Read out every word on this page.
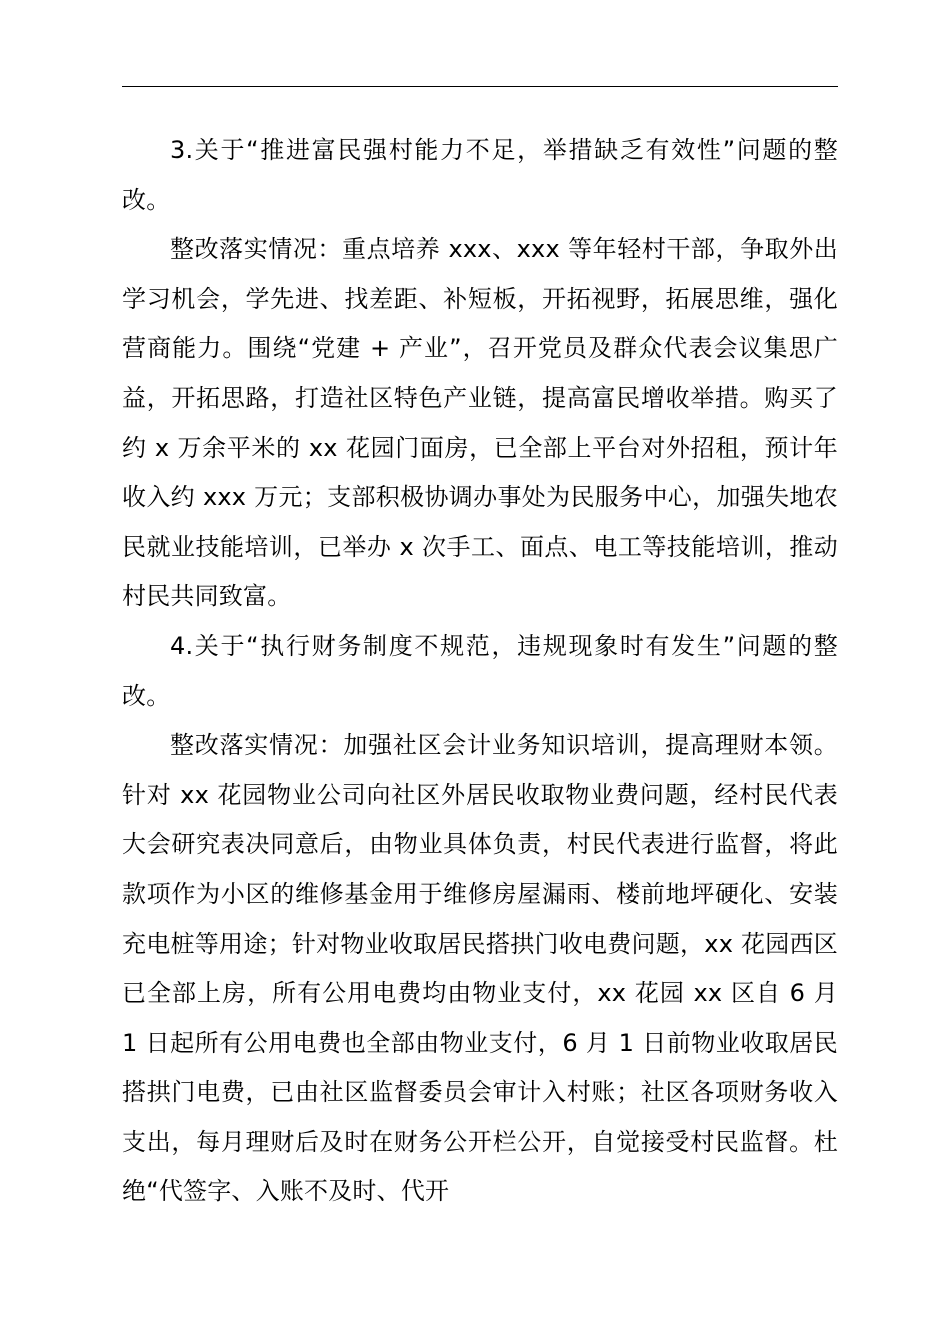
3.关于“推进富民强村能力不足，举措缺乏有效性”问题的整改。

整改落实情况：重点培养 xxx、xxx 等年轻村干部，争取外出学习机会，学先进、找差距、补短板，开拓视野，拓展思维，强化营商能力。围绕“党建 + 产业”，召开党员及群众代表会议集思广益，开拓思路，打造社区特色产业链，提高富民增收举措。购买了约 x 万余平米的 xx 花园门面房，已全部上平台对外招租，预计年收入约 xxx 万元；支部积极协调办事处为民服务中心，加强失地农民就业技能培训，已举办 x 次手工、面点、电工等技能培训，推动村民共同致富。

4.关于“执行财务制度不规范，违规现象时有发生”问题的整改。

整改落实情况：加强社区会计业务知识培训，提高理财本领。针对 xx 花园物业公司向社区外居民收取物业费问题，经村民代表大会研究表决同意后，由物业具体负责，村民代表进行监督，将此款项作为小区的维修基金用于维修房屋漏雨、楼前地坪硬化、安装充电桩等用途；针对物业收取居民搭拱门收电费问题，xx 花园西区已全部上房，所有公用电费均由物业支付，xx 花园 xx 区自 6 月 1 日起所有公用电费也全部由物业支付，6 月 1 日前物业收取居民搭拱门电费，已由社区监督委员会审计入村账；社区各项财务收入支出，每月理财后及时在财务公开栏公开，自觉接受村民监督。杜绝“代签字、入账不及时、代开
